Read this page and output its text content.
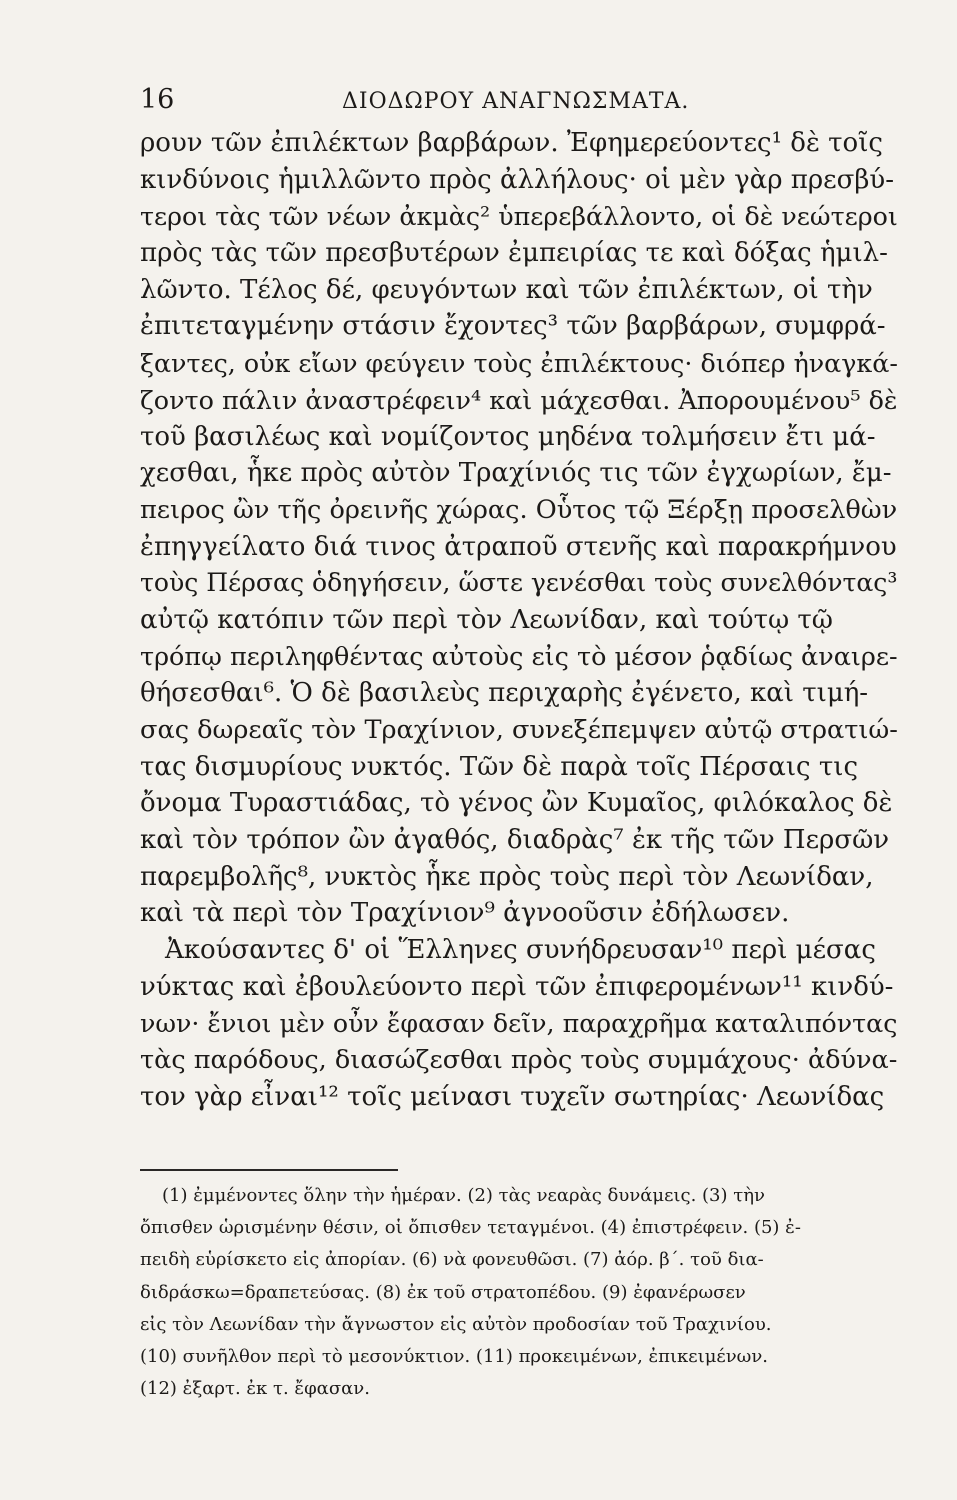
16	ΔΙΟΔΩΡΟΥ ΑΝΑΓΝΩΣΜΑΤΑ.
ρουν τῶν ἐπιλέκτων βαρβάρων. Ἐφημερεύοντες¹ δὲ τοῖς
κινδύνοις ἡμιλλῶντο πρὸς ἀλλήλους· οἱ μὲν γὰρ πρεσβύ-
τεροι τὰς τῶν νέων ἀκμὰς² ὑπερεβάλλοντο, οἱ δὲ νεώτεροι
πρὸς τὰς τῶν πρεσβυτέρων ἐμπειρίας τε καὶ δόξας ἡμιλ-
λῶντο. Τέλος δέ, φευγόντων καὶ τῶν ἐπιλέκτων, οἱ τὴν
ἐπιτεταγμένην στάσιν ἔχοντες³ τῶν βαρβάρων, συμφρά-
ξαντες, οὐκ εἴων φεύγειν τοὺς ἐπιλέκτους· διόπερ ἠναγκά-
ζοντο πάλιν ἀναστρέφειν⁴ καὶ μάχεσθαι. Ἀπορουμένου⁵ δὲ
τοῦ βασιλέως καὶ νομίζοντος μηδένα τολμήσειν ἔτι μά-
χεσθαι, ἧκε πρὸς αὐτὸν Τραχίνιός τις τῶν ἐγχωρίων, ἔμ-
πειρος ὢν τῆς ὀρεινῆς χώρας. Οὗτος τῷ Ξέρξῃ προσελθὼν
ἐπηγγείλατο διά τινος ἀτραποῦ στενῆς καὶ παρακρήμνου
τοὺς Πέρσας ὁδηγήσειν, ὥστε γενέσθαι τοὺς συνελθόντας³
αὐτῷ κατόπιν τῶν περὶ τὸν Λεωνίδαν, καὶ τούτῳ τῷ
τρόπῳ περιληφθέντας αὐτοὺς εἰς τὸ μέσον ῥᾳδίως ἀναιρε-
θήσεσθαι⁶. Ὁ δὲ βασιλεὺς περιχαρὴς ἐγένετο, καὶ τιμή-
σας δωρεαῖς τὸν Τραχίνιον, συνεξέπεμψεν αὐτῷ στρατιώ-
τας δισμυρίους νυκτός. Τῶν δὲ παρὰ τοῖς Πέρσαις τις
ὄνομα Τυραστιάδας, τὸ γένος ὢν Κυμαῖος, φιλόκαλος δὲ
καὶ τὸν τρόπον ὢν ἀγαθός, διαδρὰς⁷ ἐκ τῆς τῶν Περσῶν
παρεμβολῆς⁸, νυκτὸς ἧκε πρὸς τοὺς περὶ τὸν Λεωνίδαν,
καὶ τὰ περὶ τὸν Τραχίνιον⁹ ἀγνοοῦσιν ἐδήλωσεν.
Ἀκούσαντες δ' οἱ Ἕλληνες συνήδρευσαν¹⁰ περὶ μέσας
νύκτας καὶ ἐβουλεύοντο περὶ τῶν ἐπιφερομένων¹¹ κινδύ-
νων· ἔνιοι μὲν οὖν ἔφασαν δεῖν, παραχρῆμα καταλιπόντας
τὰς παρόδους, διασώζεσθαι πρὸς τοὺς συμμάχους· ἀδύνα-
τον γὰρ εἶναι¹² τοῖς μείνασι τυχεῖν σωτηρίας· Λεωνίδας
(1) ἐμμένοντες ὅλην τὴν ἡμέραν. (2) τὰς νεαρὰς δυνάμεις. (3) τὴν
ὄπισθεν ὡρισμένην θέσιν, οἱ ὄπισθεν τεταγμένοι. (4) ἐπιστρέφειν. (5) ἐ-
πειδὴ εὑρίσκετο εἰς ἀπορίαν. (6) νὰ φονευθῶσι. (7) ἀόρ. β΄. τοῦ δια-
διδράσκω=δραπετεύσας. (8) ἐκ τοῦ στρατοπέδου. (9) ἐφανέρωσεν
εἰς τὸν Λεωνίδαν τὴν ἄγνωστον εἰς αὐτὸν προδοσίαν τοῦ Τραχινίου.
(10) συνῆλθον περὶ τὸ μεσονύκτιον. (11) προκειμένων, ἐπικειμένων.
(12) ἐξαρτ. ἐκ τ. ἔφασαν.
